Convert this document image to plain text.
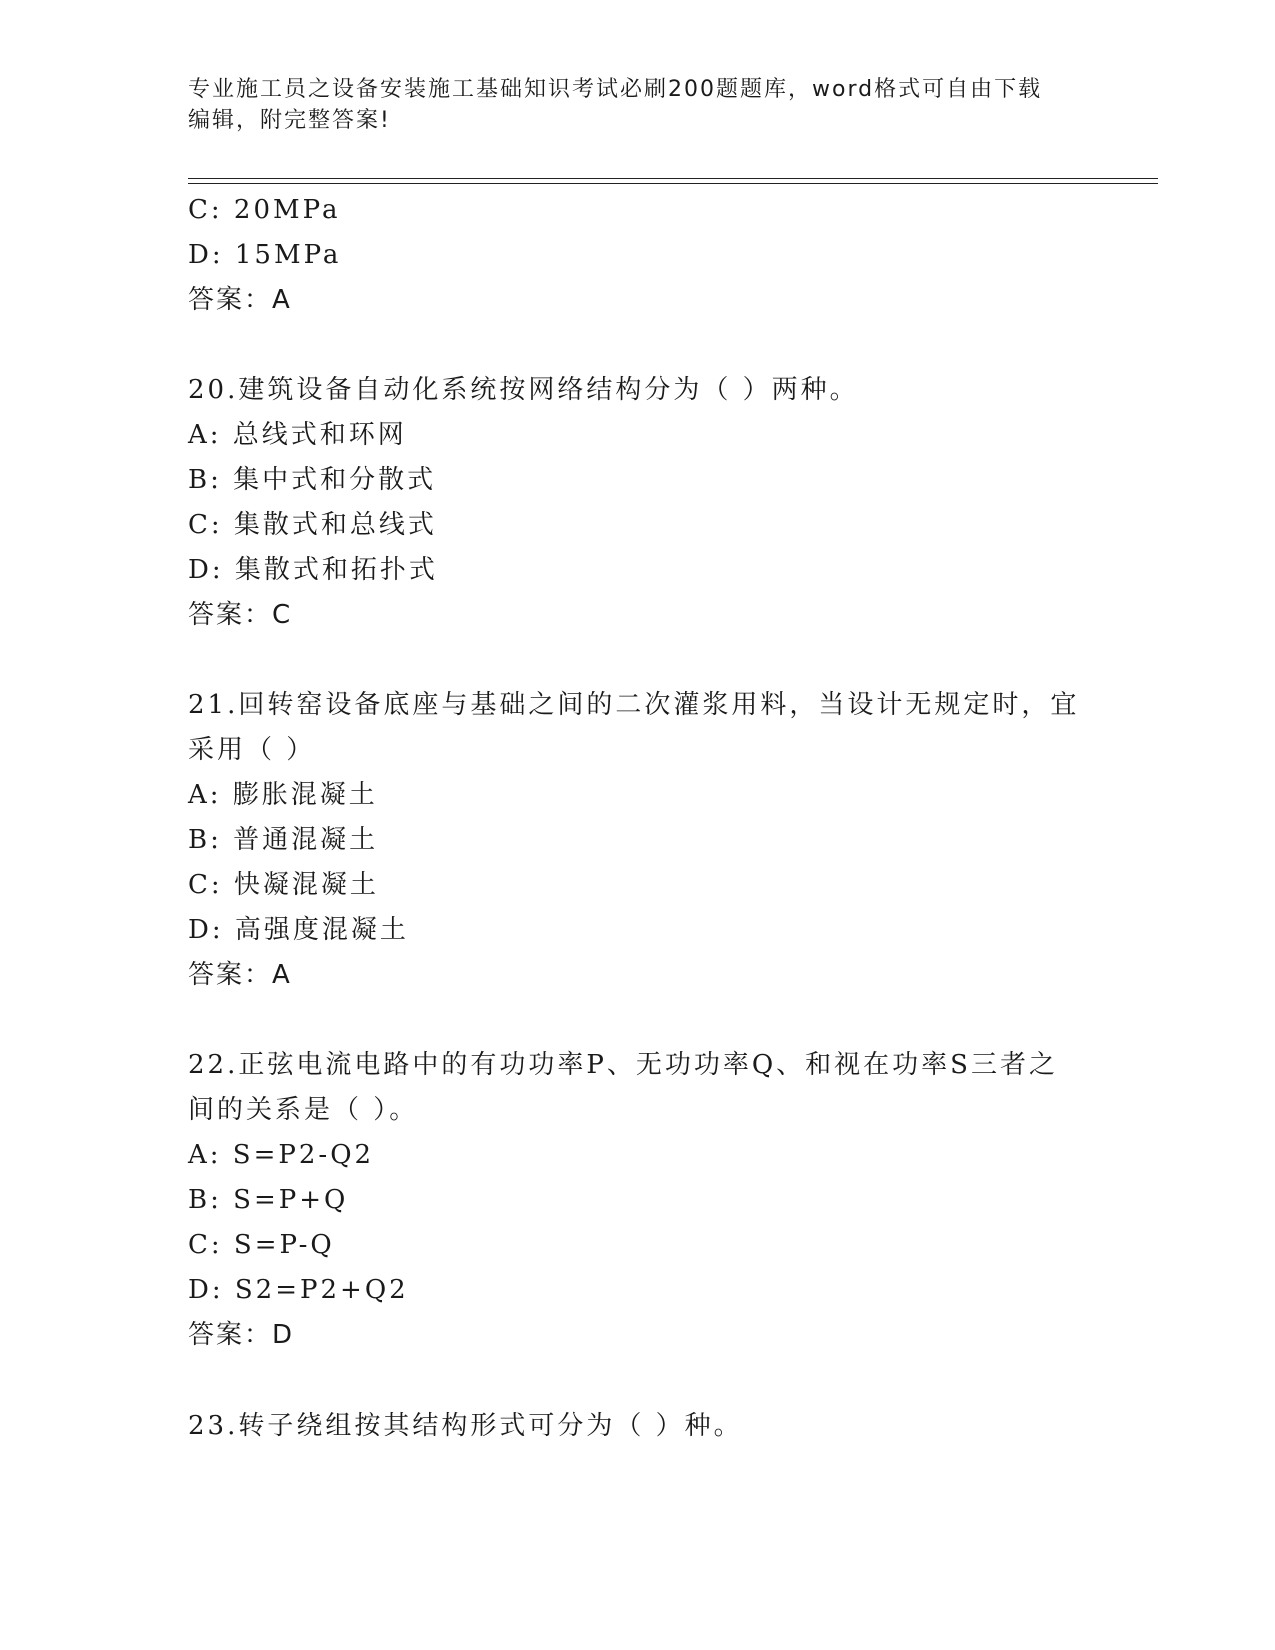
专业施工员之设备安装施工基础知识考试必刷200题题库，word格式可自由下载
编辑，附完整答案!
C: 20MPa
D: 15MPa
答案：A
20.建筑设备自动化系统按网络结构分为（ ）两种。
A: 总线式和环网
B: 集中式和分散式
C: 集散式和总线式
D: 集散式和拓扑式
答案：C
21.回转窑设备底座与基础之间的二次灌浆用料，当设计无规定时，宜
采用（ ）
A: 膨胀混凝土
B: 普通混凝土
C: 快凝混凝土
D: 高强度混凝土
答案：A
22.正弦电流电路中的有功功率P、无功功率Q、和视在功率S三者之
间的关系是（ ）。
A: S=P2-Q2
B: S=P+Q
C: S=P-Q
D: S2=P2+Q2
答案：D
23.转子绕组按其结构形式可分为（ ）种。
